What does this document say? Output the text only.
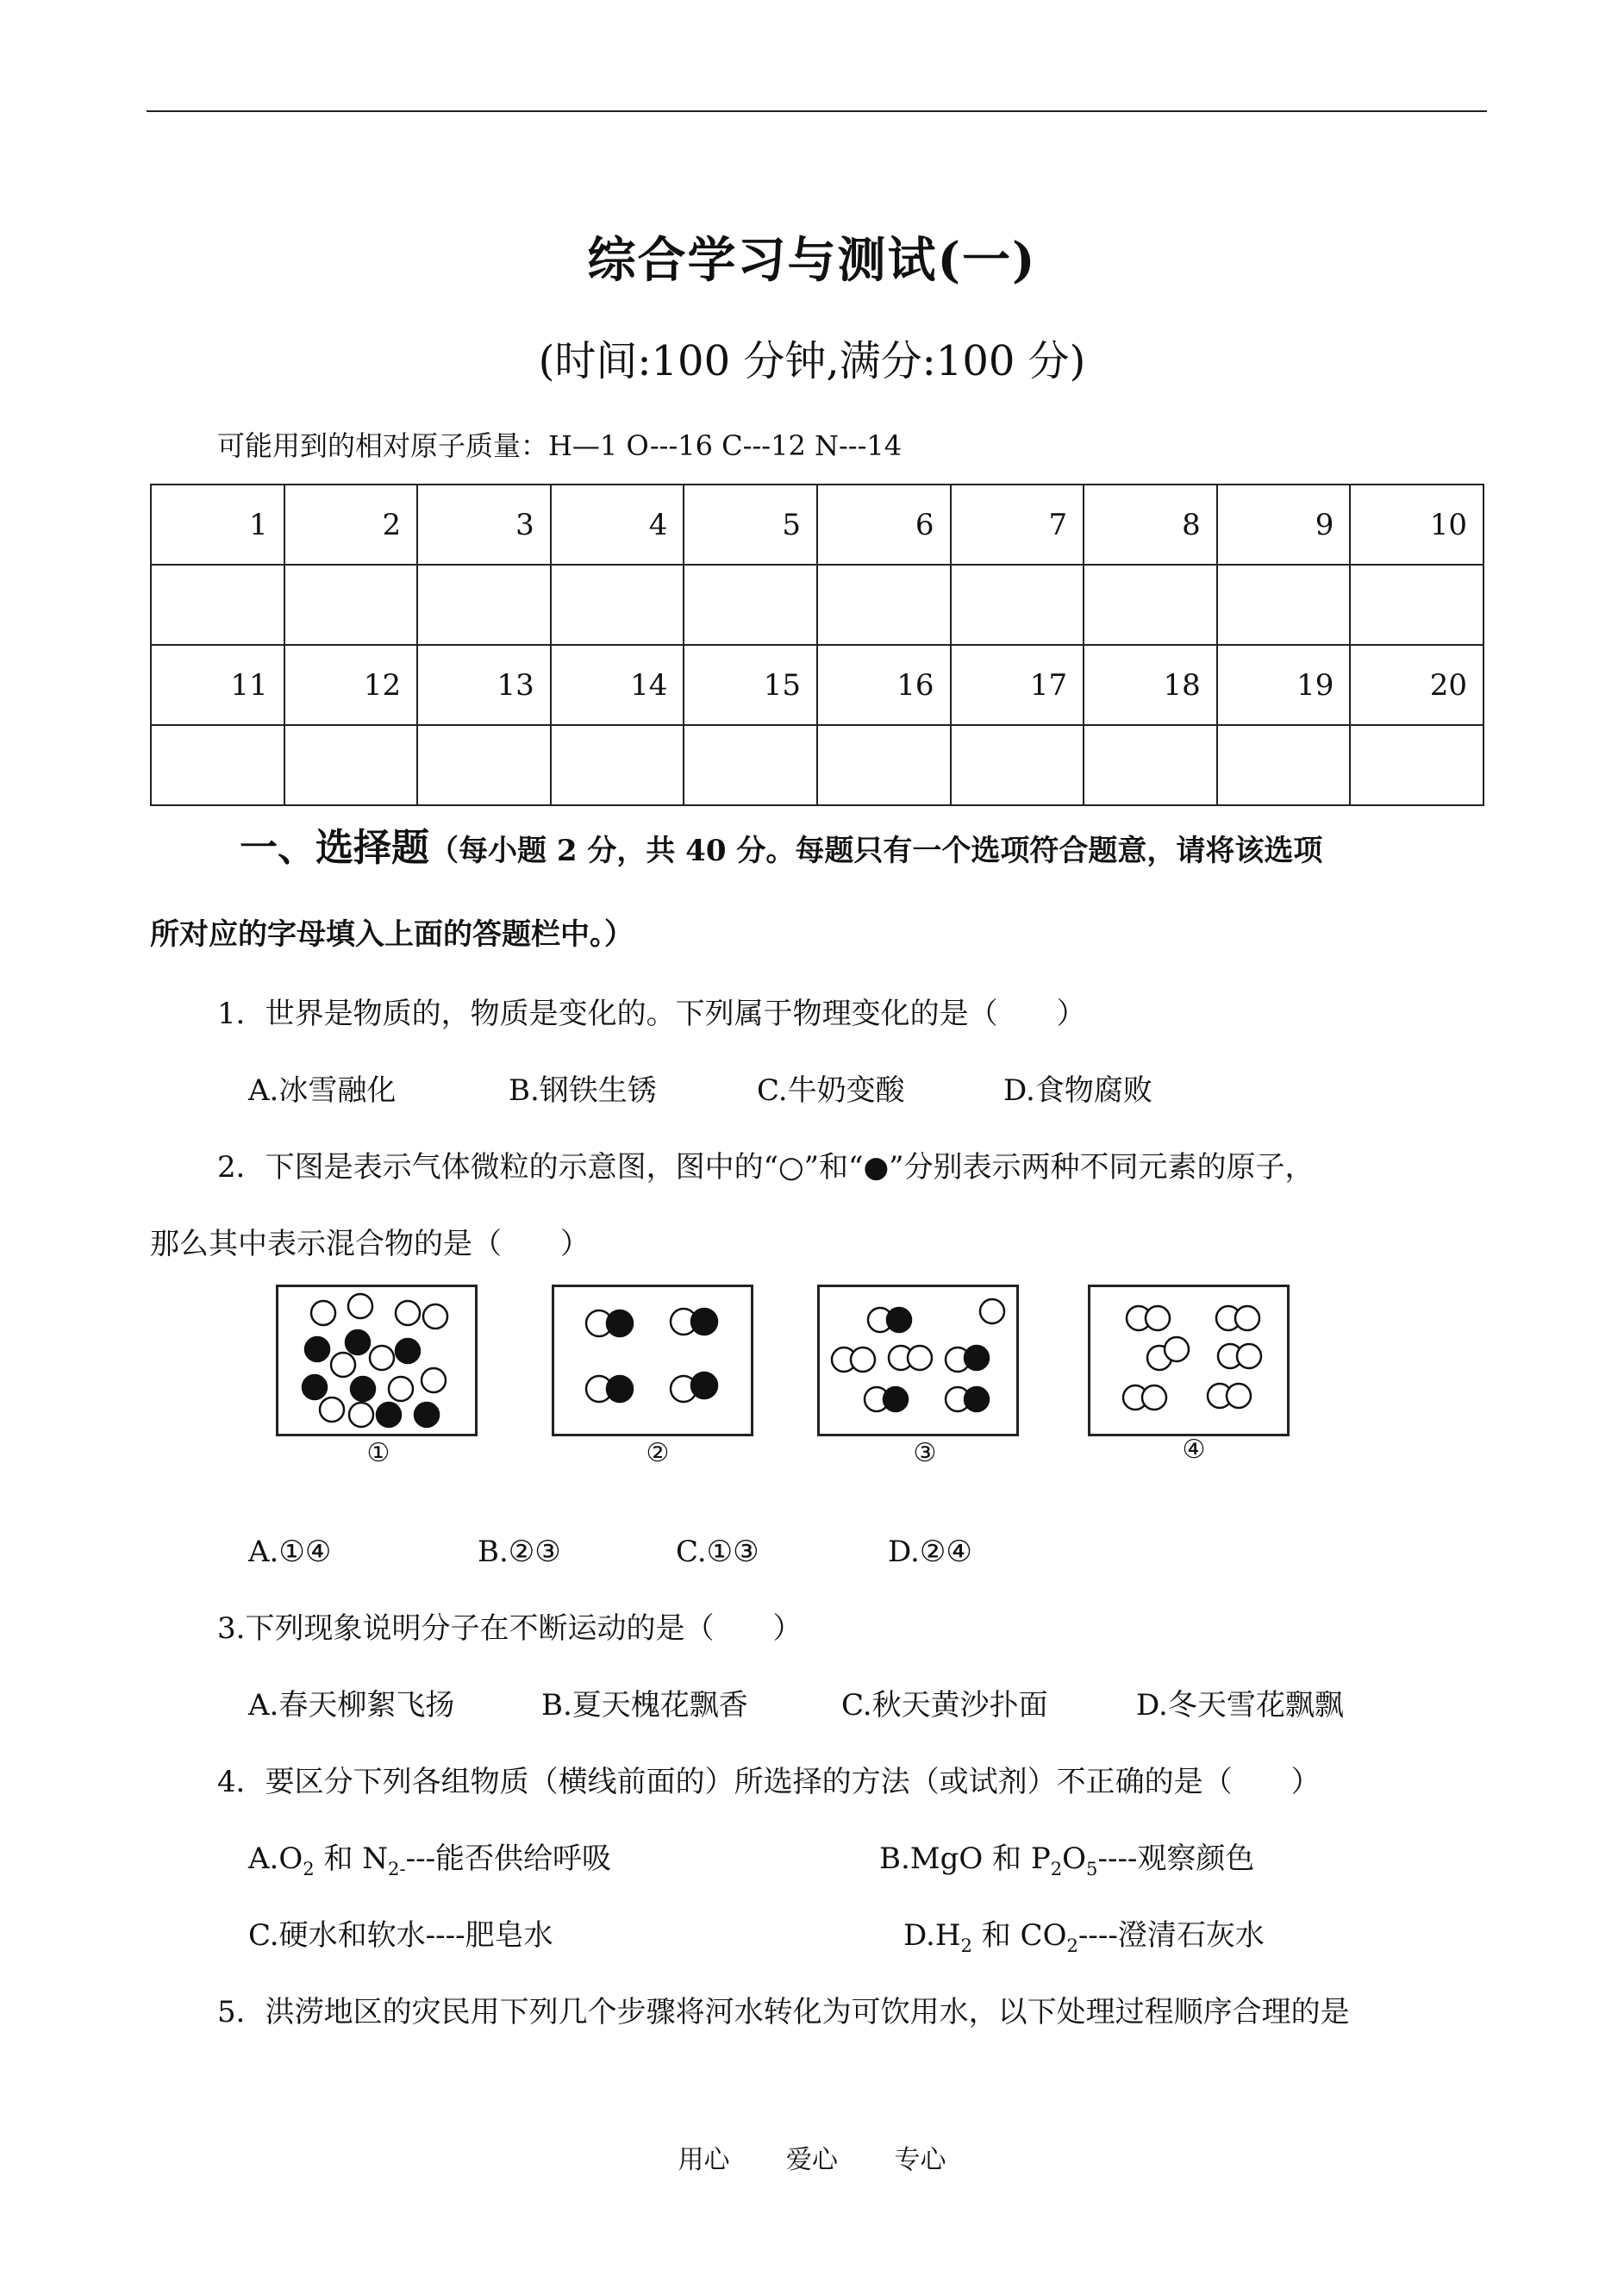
综合学习与测试(一)
(时间:100 分钟,满分:100 分)
可能用到的相对原子质量：H—1 O---16 C---12 N---14
1	2	3	4	5	6	7	8	9	10

11	12	13	14	15	16	17	18	19	20

一、选择题（每小题 2 分，共 40 分。每题只有一个选项符合题意，请将该选项
所对应的字母填入上面的答题栏中。）
1．世界是物质的，物质是变化的。下列属于物理变化的是（　　）
A.冰雪融化	B.钢铁生锈	C.牛奶变酸	D.食物腐败
2．下图是表示气体微粒的示意图，图中的“○”和“●”分别表示两种不同元素的原子，
那么其中表示混合物的是（　　）
①	②	③	④
A.①④	B.②③	C.①③	D.②④
3.下列现象说明分子在不断运动的是（　　）
A.春天柳絮飞扬	B.夏天槐花飘香	C.秋天黄沙扑面	D.冬天雪花飘飘
4．要区分下列各组物质（横线前面的）所选择的方法（或试剂）不正确的是（　　）
$A.O_2$ 和 $N_{2-}---$能否供给呼吸	B.MgO 和 $P_2O_5----$观察颜色
C.硬水和软水----肥皂水	$D.H_2$ 和 $CO_2----$澄清石灰水
5．洪涝地区的灾民用下列几个步骤将河水转化为可饮用水，以下处理过程顺序合理的是
用心 爱心 专心
